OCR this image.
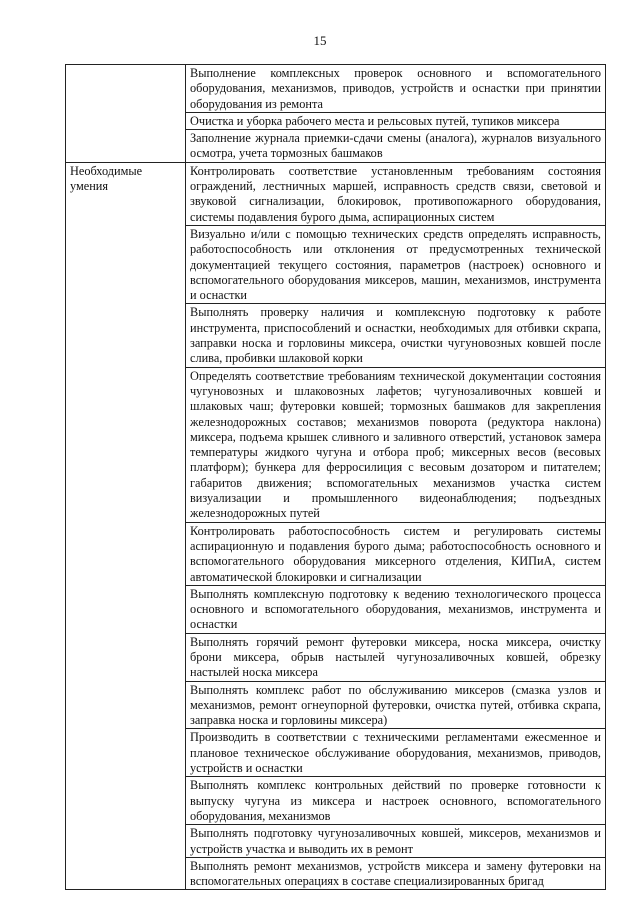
15
	Выполнение комплексных проверок основного и вспомогательного оборудования, механизмов, приводов, устройств и оснастки при принятии оборудования из ремонта
	Очистка и уборка рабочего места и рельсовых путей, тупиков миксера
	Заполнение журнала приемки-сдачи смены (аналога), журналов визуального осмотра, учета тормозных башмаков
Необходимые умения	Контролировать соответствие установленным требованиям состояния ограждений, лестничных маршей, исправность средств связи, световой и звуковой сигнализации, блокировок, противопожарного оборудования, системы подавления бурого дыма, аспирационных систем
	Визуально и/или с помощью технических средств определять исправность, работоспособность или отклонения от предусмотренных технической документацией текущего состояния, параметров (настроек) основного и вспомогательного оборудования миксеров, машин, механизмов, инструмента и оснастки
	Выполнять проверку наличия и комплексную подготовку к работе инструмента, приспособлений и оснастки, необходимых для отбивки скрапа, заправки носка и горловины миксера, очистки чугуновозных ковшей после слива, пробивки шлаковой корки
	Определять соответствие требованиям технической документации состояния чугуновозных и шлаковозных лафетов; чугунозаливочных ковшей и шлаковых чаш; футеровки ковшей; тормозных башмаков для закрепления железнодорожных составов; механизмов поворота (редуктора наклона) миксера, подъема крышек сливного и заливного отверстий, установок замера температуры жидкого чугуна и отбора проб; миксерных весов (весовых платформ); бункера для ферросилиция с весовым дозатором и питателем; габаритов движения; вспомогательных механизмов участка систем визуализации и промышленного видеонаблюдения; подъездных железнодорожных путей
	Контролировать работоспособность систем и регулировать системы аспирационную и подавления бурого дыма; работоспособность основного и вспомогательного оборудования миксерного отделения, КИПиА, систем автоматической блокировки и сигнализации
	Выполнять комплексную подготовку к ведению технологического процесса основного и вспомогательного оборудования, механизмов, инструмента и оснастки
	Выполнять горячий ремонт футеровки миксера, носка миксера, очистку брони миксера, обрыв настылей чугунозаливочных ковшей, обрезку настылей носка миксера
	Выполнять комплекс работ по обслуживанию миксеров (смазка узлов и механизмов, ремонт огнеупорной футеровки, очистка путей, отбивка скрапа, заправка носка и горловины миксера)
	Производить в соответствии с техническими регламентами ежесменное и плановое техническое обслуживание оборудования, механизмов, приводов, устройств и оснастки
	Выполнять комплекс контрольных действий по проверке готовности к выпуску чугуна из миксера и настроек основного, вспомогательного оборудования, механизмов
	Выполнять подготовку чугунозаливочных ковшей, миксеров, механизмов и устройств участка и выводить их в ремонт
	Выполнять ремонт механизмов, устройств миксера и замену футеровки на вспомогательных операциях в составе специализированных бригад
